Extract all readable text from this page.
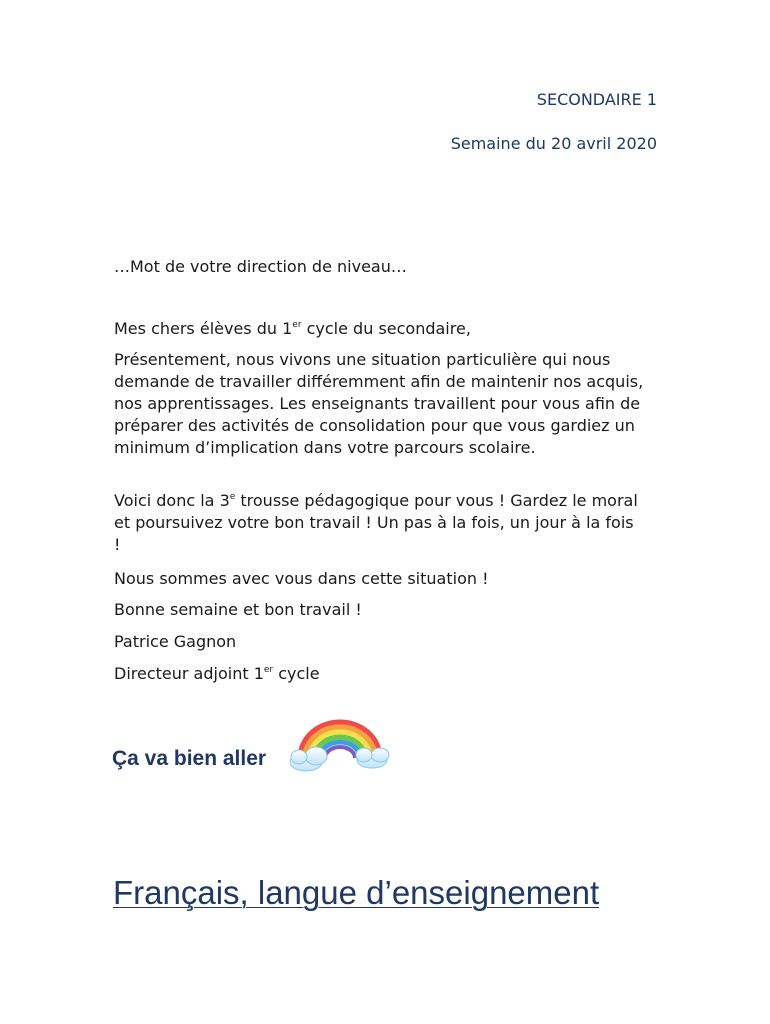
SECONDAIRE 1
Semaine du 20 avril 2020
…Mot de votre direction de niveau…
Mes chers élèves du 1er cycle du secondaire,
Présentement, nous vivons une situation particulière qui nous demande de travailler différemment afin de maintenir nos acquis, nos apprentissages. Les enseignants travaillent pour vous afin de préparer des activités de consolidation pour que vous gardiez un minimum d’implication dans votre parcours scolaire.
Voici donc la 3e trousse pédagogique pour vous ! Gardez le moral et poursuivez votre bon travail ! Un pas à la fois, un jour à la fois !
Nous sommes avec vous dans cette situation !
Bonne semaine et bon travail !
Patrice Gagnon
Directeur adjoint 1er cycle
Ça va bien aller
Français, langue d’enseignement
